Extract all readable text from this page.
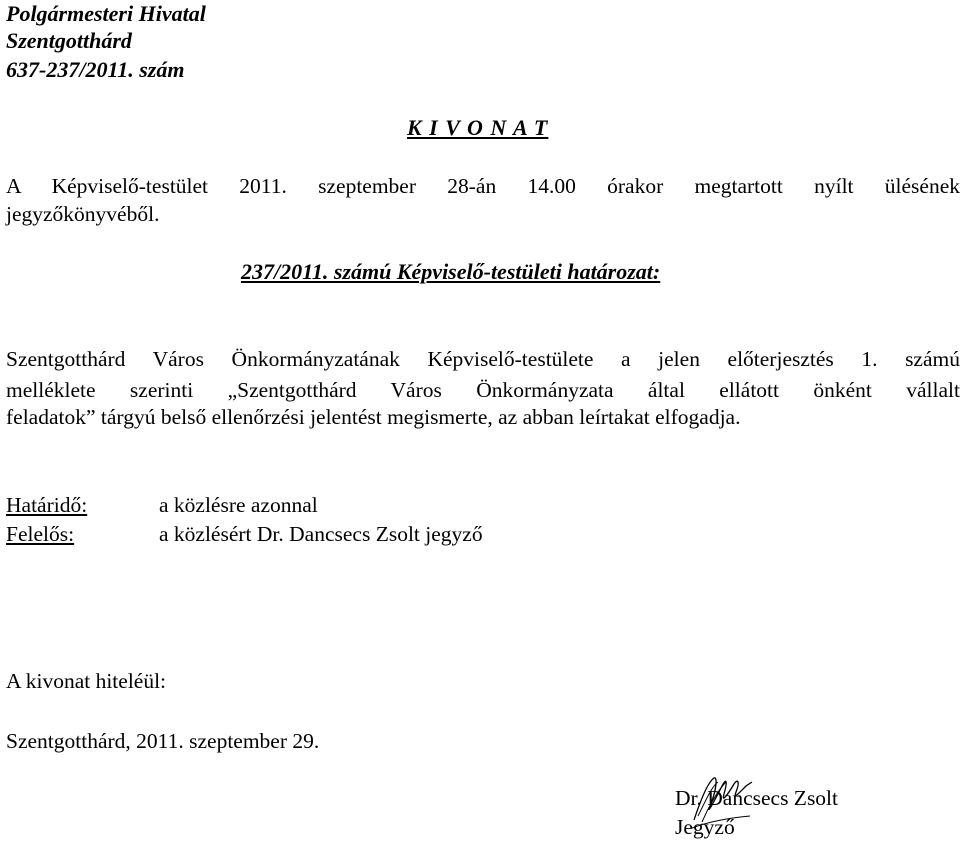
Polgármesteri Hivatal
Szentgotthárd
637-237/2011. szám
K I V O N A T
A Képviselő-testület 2011. szeptember 28-án 14.00 órakor megtartott nyílt ülésének
jegyzőkönyvéből.
237/2011. számú Képviselő-testületi határozat:
Szentgotthárd Város Önkormányzatának Képviselő-testülete a jelen előterjesztés 1. számú
melléklete szerinti „Szentgotthárd Város Önkormányzata által ellátott önként vállalt
feladatok” tárgyú belső ellenőrzési jelentést megismerte, az abban leírtakat elfogadja.
Határidő:	a közlésre azonnal
Felelős:	a közlésért Dr. Dancsecs Zsolt jegyző
A kivonat hiteléül:
Szentgotthárd, 2011. szeptember 29.
Dr. Dancsecs Zsolt
Jegyző
